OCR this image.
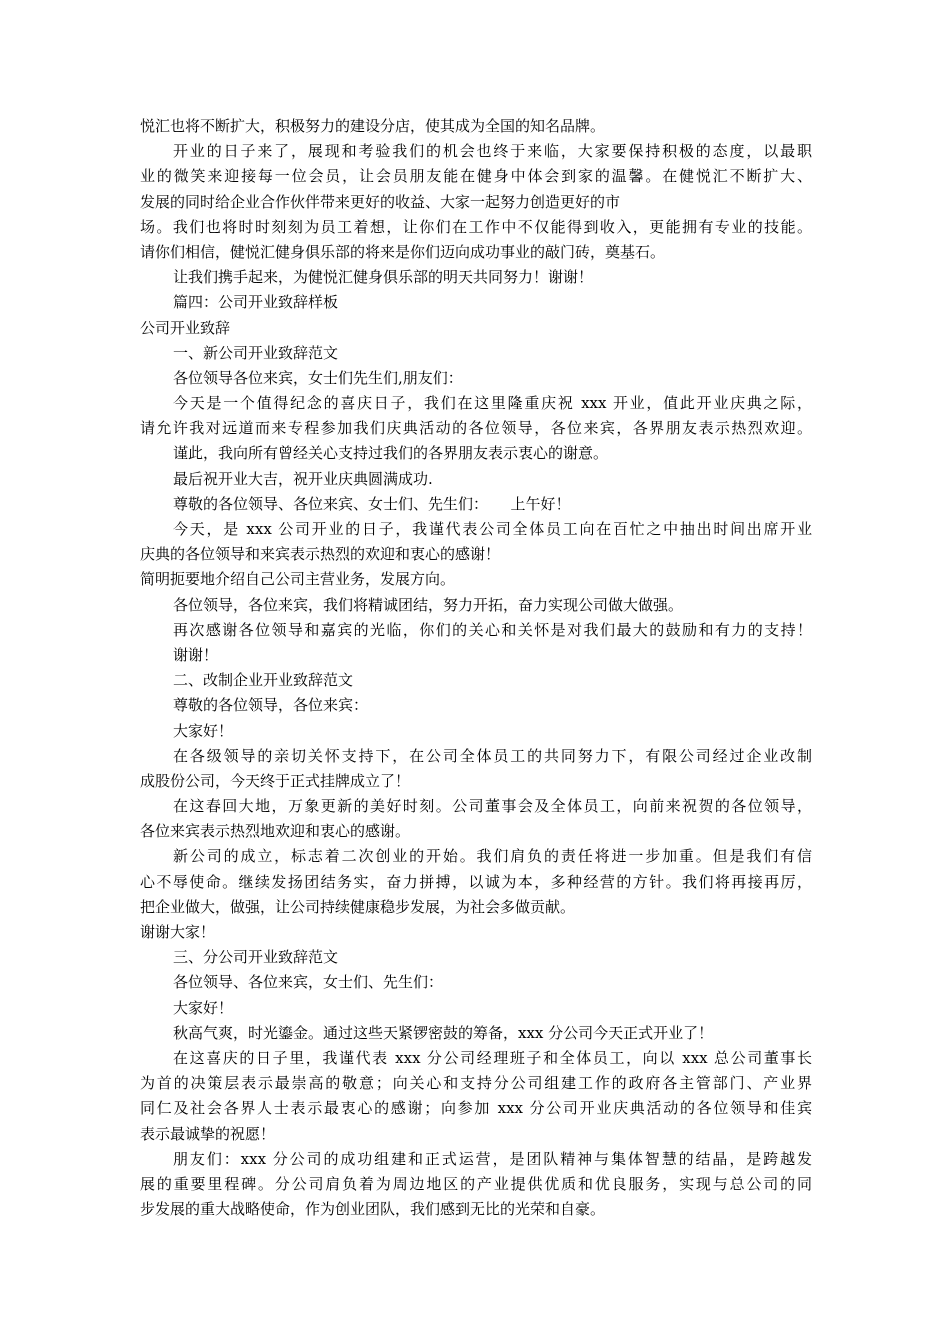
悦汇也将不断扩大，积极努力的建设分店，使其成为全国的知名品牌。

开业的日子来了，展现和考验我们的机会也终于来临，大家要保持积极的态度，以最职

业的微笑来迎接每一位会员，让会员朋友能在健身中体会到家的温馨。在健悦汇不断扩大、

发展的同时给企业合作伙伴带来更好的收益、大家一起努力创造更好的市

场。我们也将时时刻刻为员工着想，让你们在工作中不仅能得到收入，更能拥有专业的技能。

请你们相信，健悦汇健身俱乐部的将来是你们迈向成功事业的敲门砖，奠基石。

让我们携手起来，为健悦汇健身俱乐部的明天共同努力！谢谢！

篇四：公司开业致辞样板

公司开业致辞

一、新公司开业致辞范文

各位领导各位来宾，女士们先生们,朋友们：

今天是一个值得纪念的喜庆日子，我们在这里隆重庆祝 xxx 开业，值此开业庆典之际，

请允许我对远道而来专程参加我们庆典活动的各位领导，各位来宾，各界朋友表示热烈欢迎。

谨此，我向所有曾经关心支持过我们的各界朋友表示衷心的谢意。

最后祝开业大吉，祝开业庆典圆满成功.

尊敬的各位领导、各位来宾、女士们、先生们：　　上午好！

今天，是 xxx 公司开业的日子，我谨代表公司全体员工向在百忙之中抽出时间出席开业

庆典的各位领导和来宾表示热烈的欢迎和衷心的感谢！

简明扼要地介绍自己公司主营业务，发展方向。

各位领导，各位来宾，我们将精诚团结，努力开拓，奋力实现公司做大做强。

再次感谢各位领导和嘉宾的光临，你们的关心和关怀是对我们最大的鼓励和有力的支持！

谢谢！

二、改制企业开业致辞范文

尊敬的各位领导，各位来宾：

大家好！

在各级领导的亲切关怀支持下，在公司全体员工的共同努力下，有限公司经过企业改制

成股份公司，今天终于正式挂牌成立了！

在这春回大地，万象更新的美好时刻。公司董事会及全体员工，向前来祝贺的各位领导，

各位来宾表示热烈地欢迎和衷心的感谢。

新公司的成立，标志着二次创业的开始。我们肩负的责任将进一步加重。但是我们有信

心不辱使命。继续发扬团结务实，奋力拼搏，以诚为本，多种经营的方针。我们将再接再厉，

把企业做大，做强，让公司持续健康稳步发展，为社会多做贡献。

谢谢大家！

三、分公司开业致辞范文

各位领导、各位来宾，女士们、先生们：

大家好！

秋高气爽，时光鎏金。通过这些天紧锣密鼓的筹备，xxx 分公司今天正式开业了！

在这喜庆的日子里，我谨代表 xxx 分公司经理班子和全体员工，向以 xxx 总公司董事长

为首的决策层表示最崇高的敬意；向关心和支持分公司组建工作的政府各主管部门、产业界

同仁及社会各界人士表示最衷心的感谢；向参加 xxx 分公司开业庆典活动的各位领导和佳宾

表示最诚挚的祝愿！

朋友们：xxx 分公司的成功组建和正式运营，是团队精神与集体智慧的结晶，是跨越发

展的重要里程碑。分公司肩负着为周边地区的产业提供优质和优良服务，实现与总公司的同

步发展的重大战略使命，作为创业团队，我们感到无比的光荣和自豪。
